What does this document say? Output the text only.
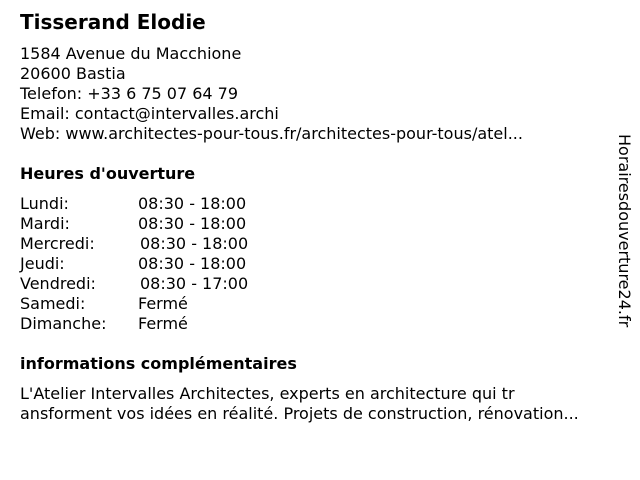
Tisserand Elodie
1584 Avenue du Macchione
20600 Bastia
Telefon: +33 6 75 07 64 79
Email: contact@intervalles.archi
Web: www.architectes-pour-tous.fr/architectes-pour-tous/atel...
Heures d'ouverture
Lundi:	08:30 - 18:00
Mardi:	08:30 - 18:00
Mercredi:	08:30 - 18:00
Jeudi:	08:30 - 18:00
Vendredi:	08:30 - 17:00
Samedi:	Fermé
Dimanche: Fermé
informations complémentaires
L'Atelier Intervalles Architectes, experts en architecture qui tr
ansforment vos idées en réalité. Projets de construction, rénovation...
Horairesdouverture24.fr
